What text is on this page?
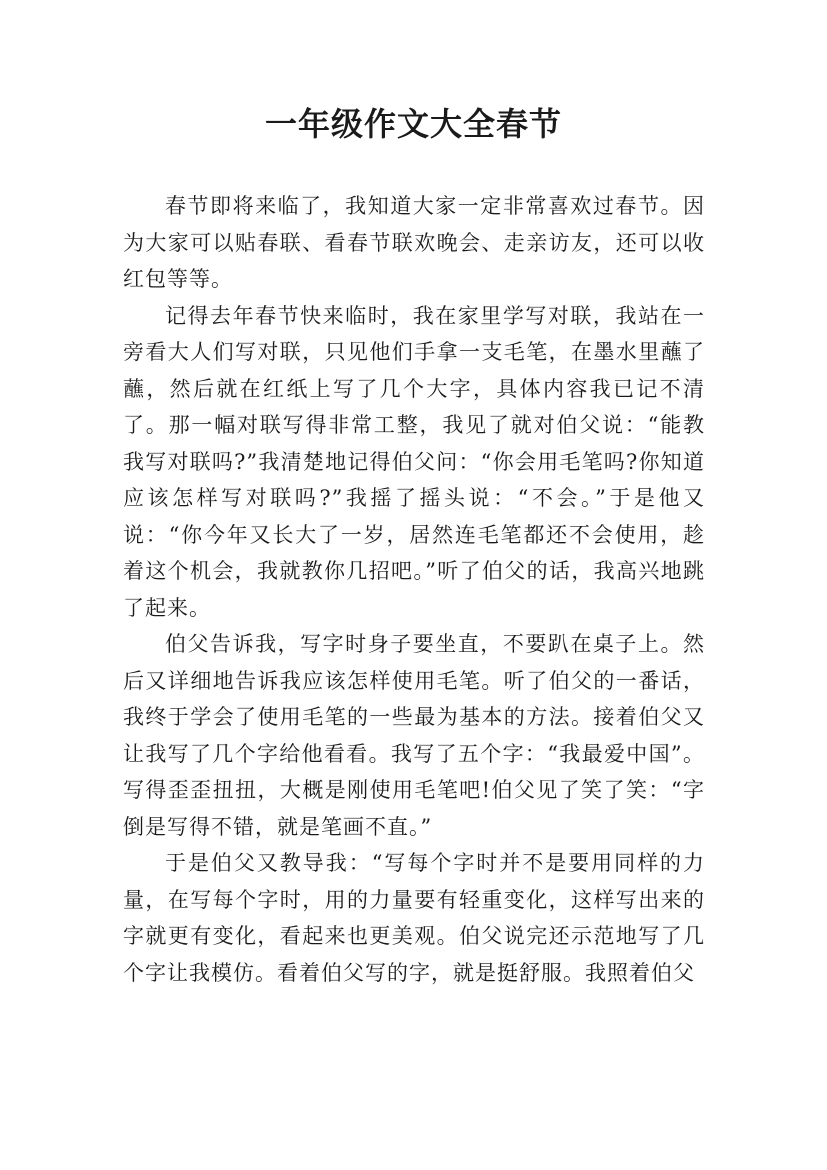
一年级作文大全春节

春节即将来临了，我知道大家一定非常喜欢过春节。因为大家可以贴春联、看春节联欢晚会、走亲访友，还可以收红包等等。

记得去年春节快来临时，我在家里学写对联，我站在一旁看大人们写对联，只见他们手拿一支毛笔，在墨水里蘸了蘸，然后就在红纸上写了几个大字，具体内容我已记不清了。那一幅对联写得非常工整，我见了就对伯父说：“能教我写对联吗?”我清楚地记得伯父问：“你会用毛笔吗?你知道应该怎样写对联吗?”我摇了摇头说：“不会。”于是他又说：“你今年又长大了一岁，居然连毛笔都还不会使用，趁着这个机会，我就教你几招吧。”听了伯父的话，我高兴地跳了起来。

伯父告诉我，写字时身子要坐直，不要趴在桌子上。然后又详细地告诉我应该怎样使用毛笔。听了伯父的一番话，我终于学会了使用毛笔的一些最为基本的方法。接着伯父又让我写了几个字给他看看。我写了五个字：“我最爱中国”。写得歪歪扭扭，大概是刚使用毛笔吧!伯父见了笑了笑：“字倒是写得不错，就是笔画不直。”

于是伯父又教导我：“写每个字时并不是要用同样的力量，在写每个字时，用的力量要有轻重变化，这样写出来的字就更有变化，看起来也更美观。伯父说完还示范地写了几个字让我模仿。看着伯父写的字，就是挺舒服。我照着伯父
